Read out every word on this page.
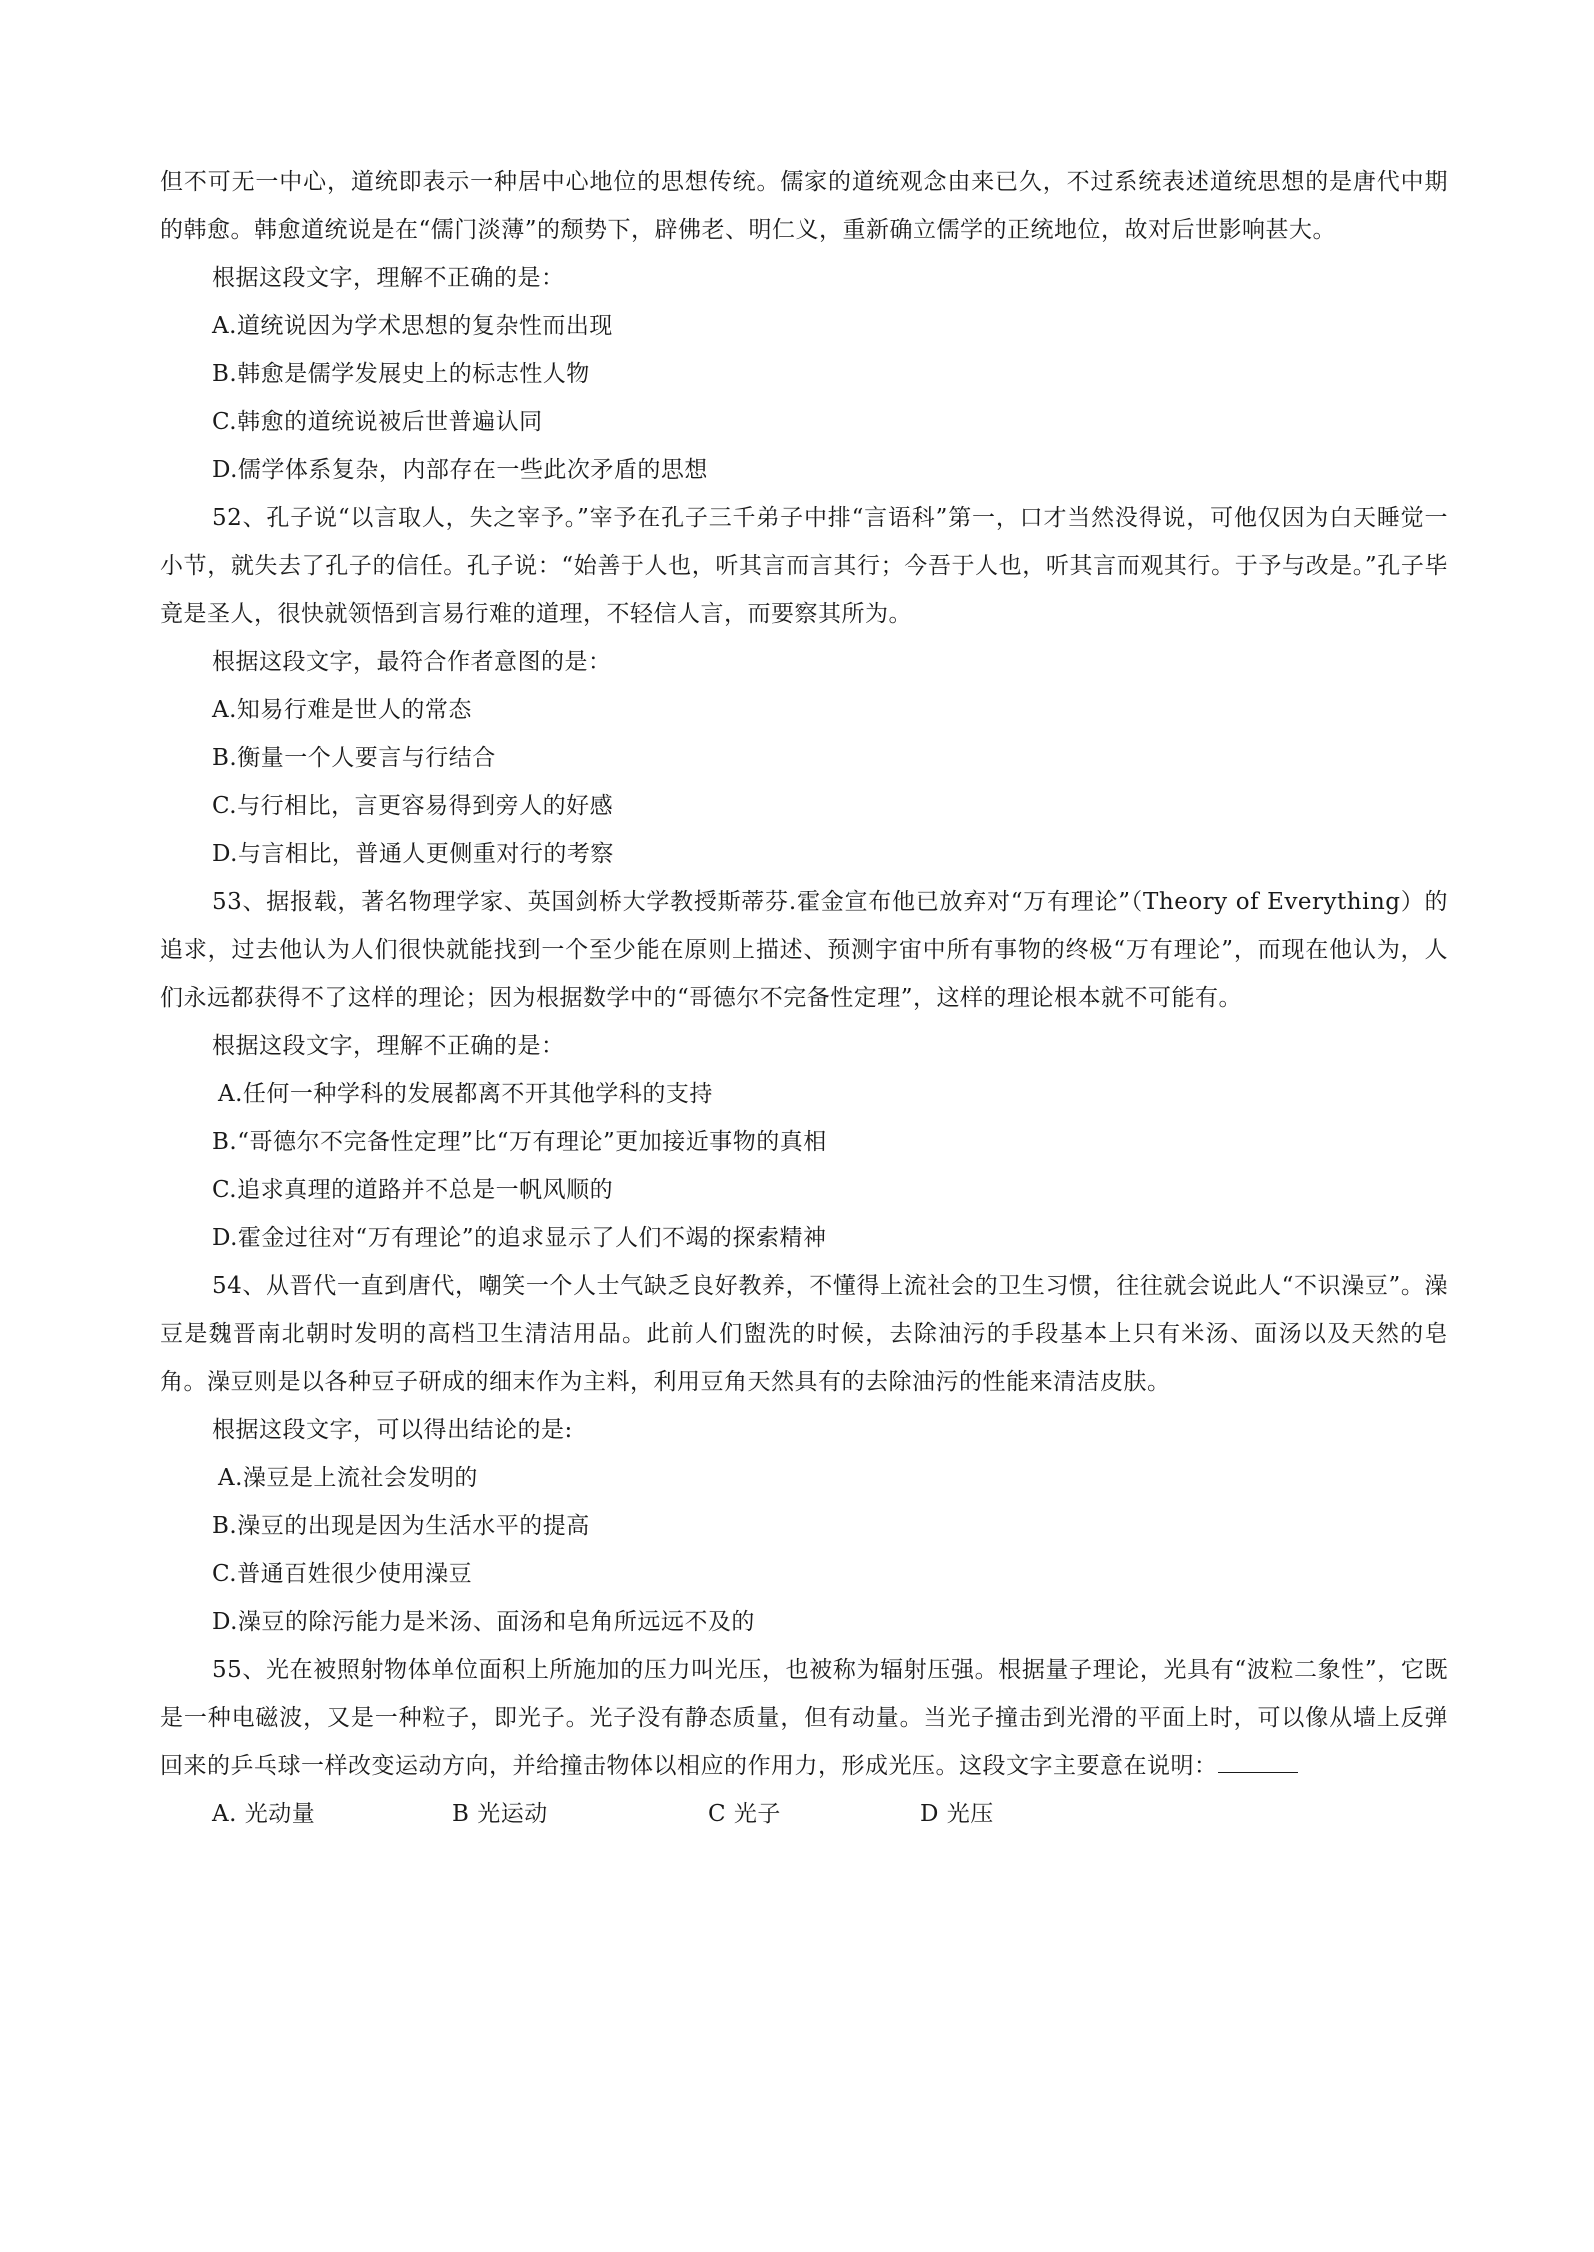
但不可无一中心，道统即表示一种居中心地位的思想传统。儒家的道统观念由来已久，不过系统表述道统思想的是唐代中期的韩愈。韩愈道统说是在“儒门淡薄”的颓势下，辟佛老、明仁义，重新确立儒学的正统地位，故对后世影响甚大。

根据这段文字，理解不正确的是：

A.道统说因为学术思想的复杂性而出现

B.韩愈是儒学发展史上的标志性人物

C.韩愈的道统说被后世普遍认同

D.儒学体系复杂，内部存在一些此次矛盾的思想

52、孔子说“以言取人，失之宰予。”宰予在孔子三千弟子中排“言语科”第一，口才当然没得说，可他仅因为白天睡觉一小节，就失去了孔子的信任。孔子说：“始善于人也，听其言而言其行；今吾于人也，听其言而观其行。于予与改是。”孔子毕竟是圣人，很快就领悟到言易行难的道理，不轻信人言，而要察其所为。

根据这段文字，最符合作者意图的是：

A.知易行难是世人的常态

B.衡量一个人要言与行结合

C.与行相比，言更容易得到旁人的好感

D.与言相比，普通人更侧重对行的考察

53、据报载，著名物理学家、英国剑桥大学教授斯蒂芬.霍金宣布他已放弃对“万有理论”（Theory of Everything）的追求，过去他认为人们很快就能找到一个至少能在原则上描述、预测宇宙中所有事物的终极“万有理论”，而现在他认为，人们永远都获得不了这样的理论；因为根据数学中的“哥德尔不完备性定理”，这样的理论根本就不可能有。

根据这段文字，理解不正确的是：

A.任何一种学科的发展都离不开其他学科的支持

B.“哥德尔不完备性定理”比“万有理论”更加接近事物的真相

C.追求真理的道路并不总是一帆风顺的

D.霍金过往对“万有理论”的追求显示了人们不竭的探索精神

54、从晋代一直到唐代，嘲笑一个人士气缺乏良好教养，不懂得上流社会的卫生习惯，往往就会说此人“不识澡豆”。澡豆是魏晋南北朝时发明的高档卫生清洁用品。此前人们盥洗的时候，去除油污的手段基本上只有米汤、面汤以及天然的皂角。澡豆则是以各种豆子研成的细末作为主料，利用豆角天然具有的去除油污的性能来清洁皮肤。

根据这段文字，可以得出结论的是:

A.澡豆是上流社会发明的

B.澡豆的出现是因为生活水平的提高

C.普通百姓很少使用澡豆

D.澡豆的除污能力是米汤、面汤和皂角所远远不及的

55、光在被照射物体单位面积上所施加的压力叫光压，也被称为辐射压强。根据量子理论，光具有“波粒二象性”，它既是一种电磁波，又是一种粒子，即光子。光子没有静态质量，但有动量。当光子撞击到光滑的平面上时，可以像从墙上反弹回来的乒乓球一样改变运动方向，并给撞击物体以相应的作用力，形成光压。这段文字主要意在说明：

A. 光动量	B 光运动	C 光子	D 光压
